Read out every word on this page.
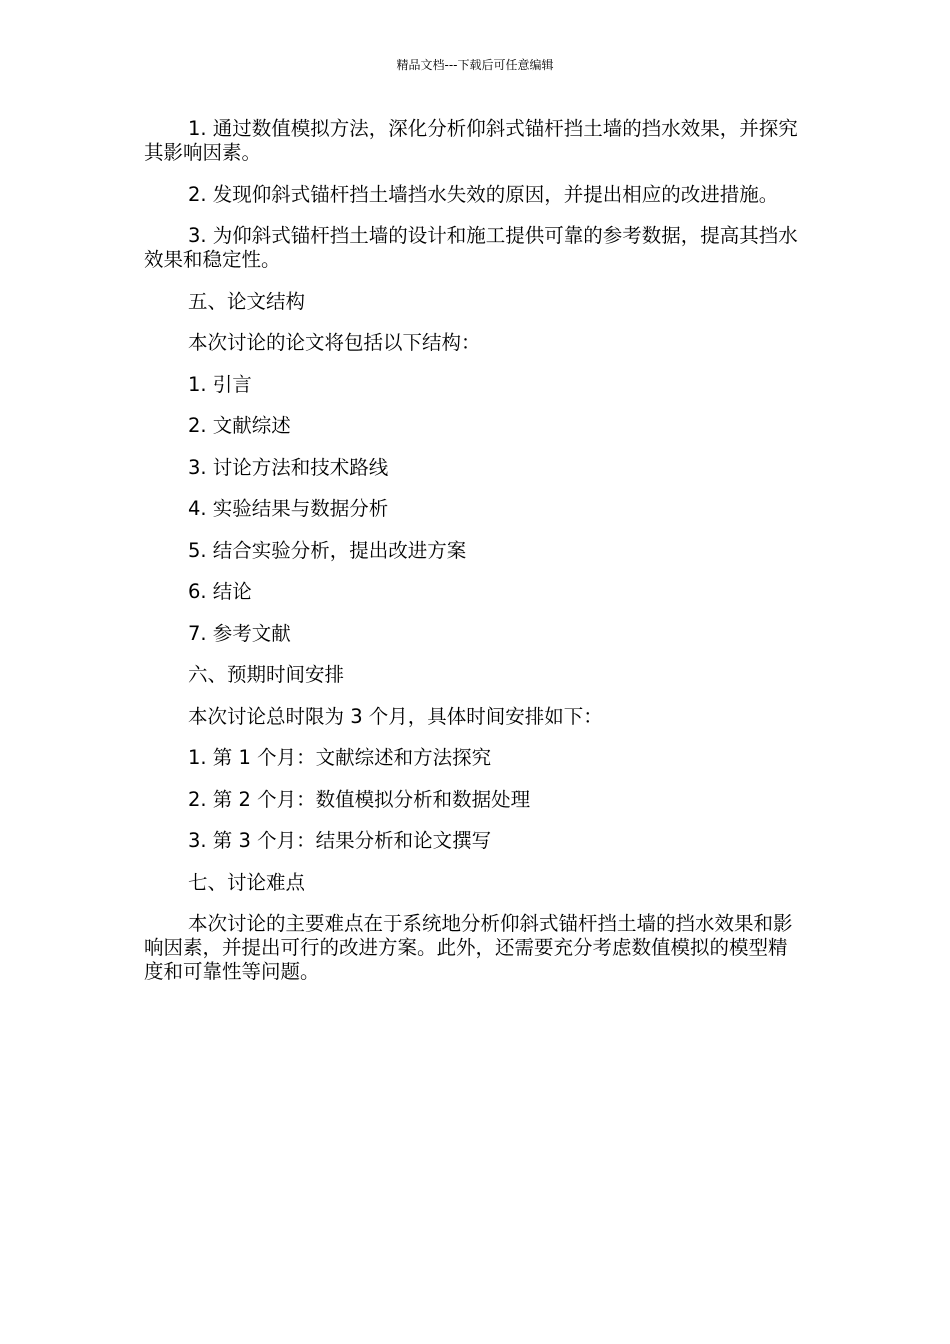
精品文档---下载后可任意编辑

1. 通过数值模拟方法，深化分析仰斜式锚杆挡土墙的挡水效果，并探究其影响因素。

2. 发现仰斜式锚杆挡土墙挡水失效的原因，并提出相应的改进措施。

3. 为仰斜式锚杆挡土墙的设计和施工提供可靠的参考数据，提高其挡水效果和稳定性。

五、论文结构

本次讨论的论文将包括以下结构：

1. 引言

2. 文献综述

3. 讨论方法和技术路线

4. 实验结果与数据分析

5. 结合实验分析，提出改进方案

6. 结论

7. 参考文献

六、预期时间安排

本次讨论总时限为 3 个月，具体时间安排如下：

1. 第 1 个月：文献综述和方法探究

2. 第 2 个月：数值模拟分析和数据处理

3. 第 3 个月：结果分析和论文撰写

七、讨论难点

本次讨论的主要难点在于系统地分析仰斜式锚杆挡土墙的挡水效果和影响因素，并提出可行的改进方案。此外，还需要充分考虑数值模拟的模型精度和可靠性等问题。
